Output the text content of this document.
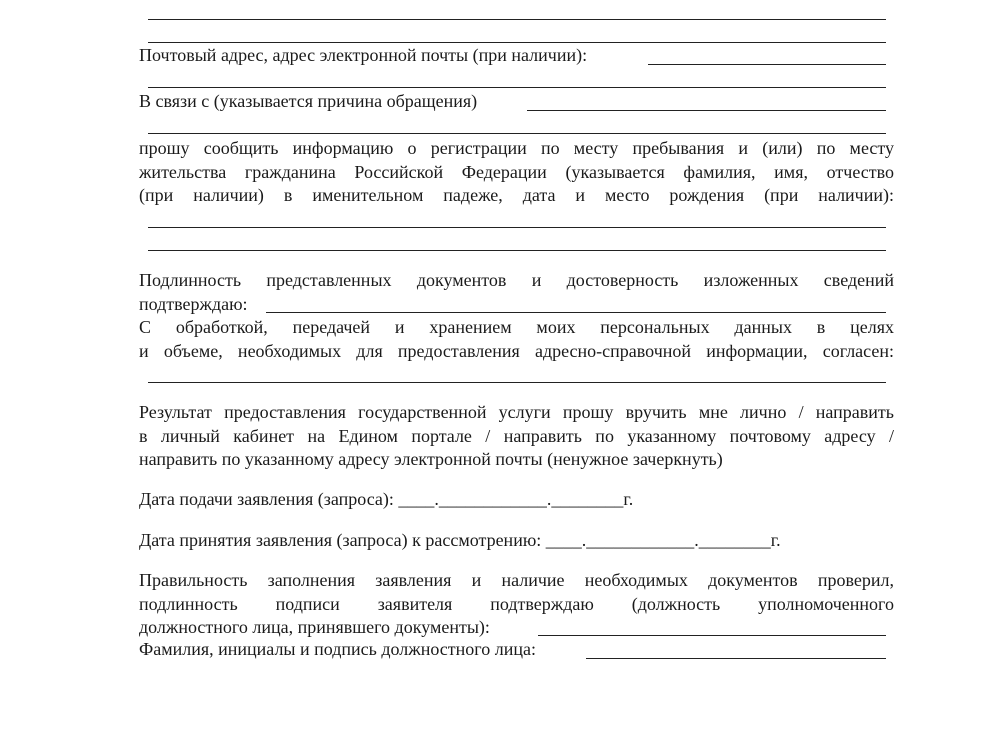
Почтовый адрес, адрес электронной почты (при наличии):
В связи с (указывается причина обращения)
прошу сообщить информацию о регистрации по месту пребывания и (или) по месту
жительства гражданина Российской Федерации (указывается фамилия, имя, отчество
(при наличии) в именительном падеже, дата и место рождения (при наличии):
Подлинность представленных документов и достоверность изложенных сведений
подтверждаю:
С обработкой, передачей и хранением моих персональных данных в целях
и объеме, необходимых для предоставления адресно-справочной информации, согласен:
Результат предоставления государственной услуги прошу вручить мне лично / направить
в личный кабинет на Едином портале / направить по указанному почтовому адресу /
направить по указанному адресу электронной почты (ненужное зачеркнуть)
Дата подачи заявления (запроса): ____.____________.________г.
Дата принятия заявления (запроса) к рассмотрению: ____.____________.________г.
Правильность заполнения заявления и наличие необходимых документов проверил,
подлинность подписи заявителя подтверждаю (должность уполномоченного
должностного лица, принявшего документы):
Фамилия, инициалы и подпись должностного лица:
